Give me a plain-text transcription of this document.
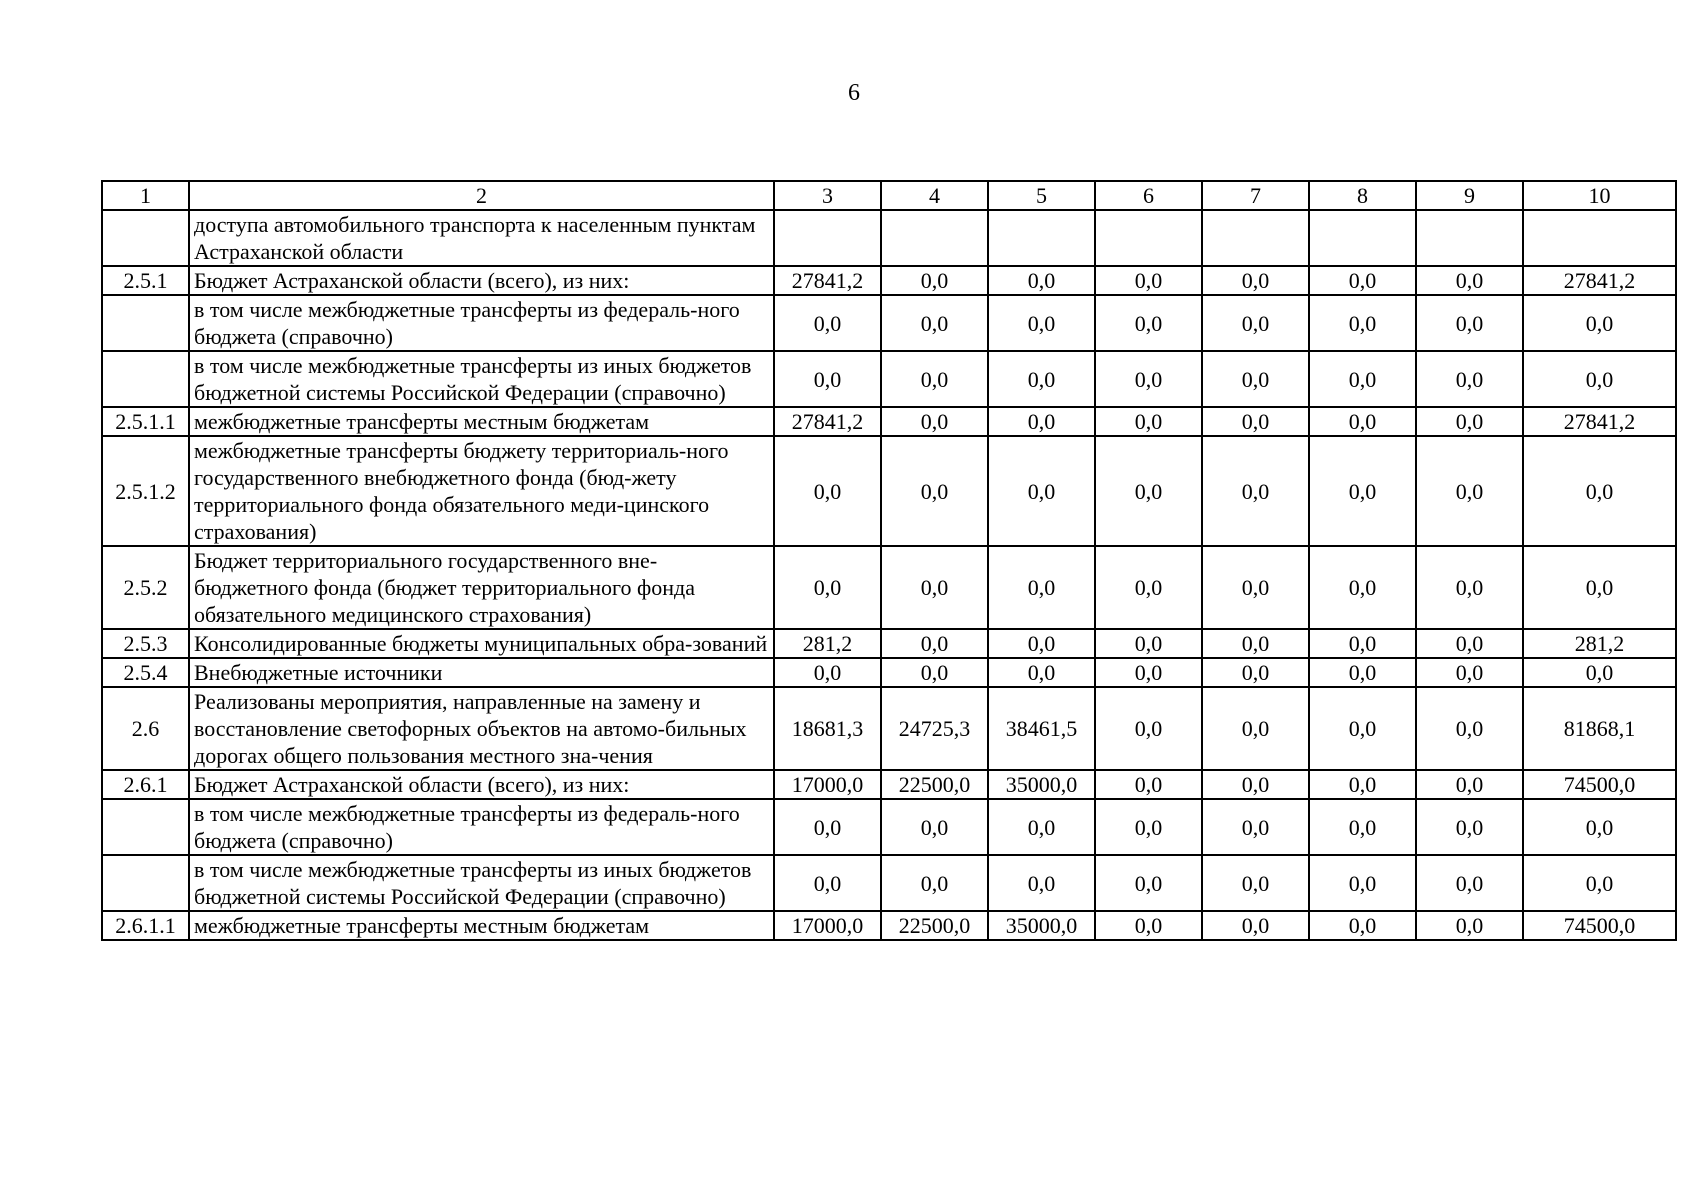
6
1	2	3	4	5	6	7	8	9	10
	доступа автомобильного транспорта к населенным пунктам Астраханской области								
2.5.1	Бюджет Астраханской области (всего), из них:	27841,2	0,0	0,0	0,0	0,0	0,0	0,0	27841,2
	в том числе межбюджетные трансферты из федераль-ного бюджета (справочно)	0,0	0,0	0,0	0,0	0,0	0,0	0,0	0,0
	в том числе межбюджетные трансферты из иных бюджетов бюджетной системы Российской Федерации (справочно)	0,0	0,0	0,0	0,0	0,0	0,0	0,0	0,0
2.5.1.1	межбюджетные трансферты местным бюджетам	27841,2	0,0	0,0	0,0	0,0	0,0	0,0	27841,2
2.5.1.2	межбюджетные трансферты бюджету территориаль-ного государственного внебюджетного фонда (бюд-жету территориального фонда обязательного меди-цинского страхования)	0,0	0,0	0,0	0,0	0,0	0,0	0,0	0,0
2.5.2	Бюджет территориального государственного вне-бюджетного фонда (бюджет территориального фонда обязательного медицинского страхования)	0,0	0,0	0,0	0,0	0,0	0,0	0,0	0,0
2.5.3	Консолидированные бюджеты муниципальных обра-зований	281,2	0,0	0,0	0,0	0,0	0,0	0,0	281,2
2.5.4	Внебюджетные источники	0,0	0,0	0,0	0,0	0,0	0,0	0,0	0,0
2.6	Реализованы мероприятия, направленные на замену и восстановление светофорных объектов на автомо-бильных дорогах общего пользования местного зна-чения	18681,3	24725,3	38461,5	0,0	0,0	0,0	0,0	81868,1
2.6.1	Бюджет Астраханской области (всего), из них:	17000,0	22500,0	35000,0	0,0	0,0	0,0	0,0	74500,0
	в том числе межбюджетные трансферты из федераль-ного бюджета (справочно)	0,0	0,0	0,0	0,0	0,0	0,0	0,0	0,0
	в том числе межбюджетные трансферты из иных бюджетов бюджетной системы Российской Федерации (справочно)	0,0	0,0	0,0	0,0	0,0	0,0	0,0	0,0
2.6.1.1	межбюджетные трансферты местным бюджетам	17000,0	22500,0	35000,0	0,0	0,0	0,0	0,0	74500,0
